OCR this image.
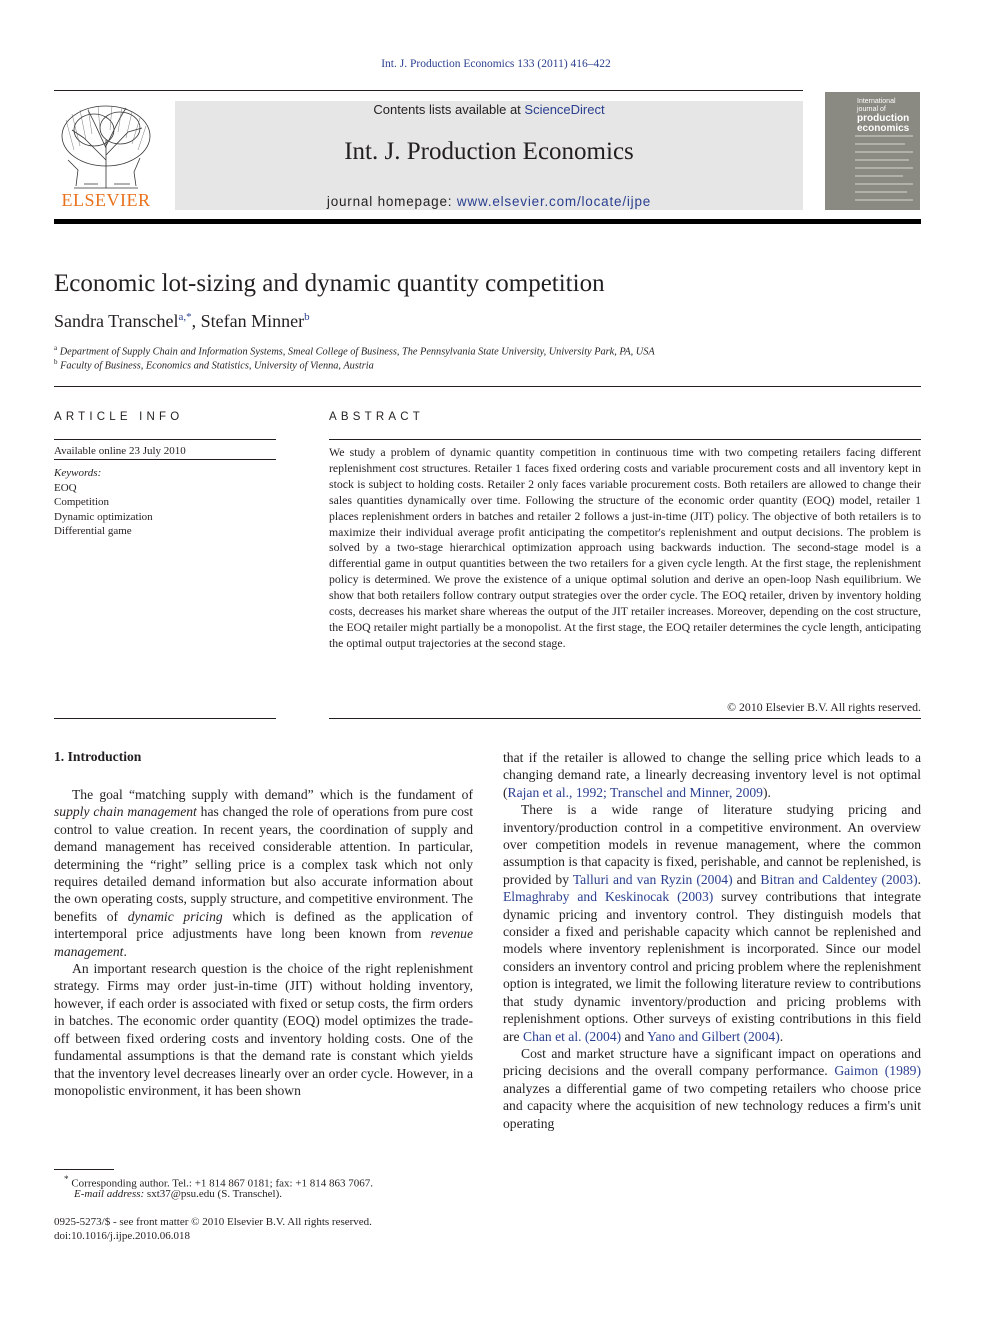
Int. J. Production Economics 133 (2011) 416–422
ELSEVIER
Contents lists available at ScienceDirect
Int. J. Production Economics
journal homepage: www.elsevier.com/locate/ijpe
International journal of
production
economics
Economic lot-sizing and dynamic quantity competition
Sandra Transchel$^{a,*}$, Stefan Minner$^b$
$^a$ Department of Supply Chain and Information Systems, Smeal College of Business, The Pennsylvania State University, University Park, PA, USA
$^b$ Faculty of Business, Economics and Statistics, University of Vienna, Austria
ARTICLE INFO
Available online 23 July 2010
Keywords:
EOQ
Competition
Dynamic optimization
Differential game
ABSTRACT
We study a problem of dynamic quantity competition in continuous time with two competing retailers facing different replenishment cost structures. Retailer 1 faces fixed ordering costs and variable procurement costs and all inventory kept in stock is subject to holding costs. Retailer 2 only faces variable procurement costs. Both retailers are allowed to change their sales quantities dynamically over time. Following the structure of the economic order quantity (EOQ) model, retailer 1 places replenishment orders in batches and retailer 2 follows a just-in-time (JIT) policy. The objective of both retailers is to maximize their individual average profit anticipating the competitor's replenishment and output decisions. The problem is solved by a two-stage hierarchical optimization approach using backwards induction. The second-stage model is a differential game in output quantities between the two retailers for a given cycle length. At the first stage, the replenishment policy is determined. We prove the existence of a unique optimal solution and derive an open-loop Nash equilibrium. We show that both retailers follow contrary output strategies over the order cycle. The EOQ retailer, driven by inventory holding costs, decreases his market share whereas the output of the JIT retailer increases. Moreover, depending on the cost structure, the EOQ retailer might partially be a monopolist. At the first stage, the EOQ retailer determines the cycle length, anticipating the optimal output trajectories at the second stage.
© 2010 Elsevier B.V. All rights reserved.
1. Introduction

The goal “matching supply with demand” which is the fundament of supply chain management has changed the role of operations from pure cost control to value creation. In recent years, the coordination of supply and demand management has received considerable attention. In particular, determining the “right” selling price is a complex task which not only requires detailed demand information but also accurate information about the own operating costs, supply structure, and competitive environment. The benefits of dynamic pricing which is defined as the application of intertemporal price adjustments have long been known from revenue management.

An important research question is the choice of the right replenishment strategy. Firms may order just-in-time (JIT) without holding inventory, however, if each order is associated with fixed or setup costs, the firm orders in batches. The economic order quantity (EOQ) model optimizes the trade-off between fixed ordering costs and inventory holding costs. One of the fundamental assumptions is that the demand rate is constant which yields that the inventory level decreases linearly over an order cycle. However, in a monopolistic environment, it has been shown

that if the retailer is allowed to change the selling price which leads to a changing demand rate, a linearly decreasing inventory level is not optimal (Rajan et al., 1992; Transchel and Minner, 2009).

There is a wide range of literature studying pricing and inventory/production control in a competitive environment. An overview over competition models in revenue management, where the common assumption is that capacity is fixed, perishable, and cannot be replenished, is provided by Talluri and van Ryzin (2004) and Bitran and Caldentey (2003). Elmaghraby and Keskinocak (2003) survey contributions that integrate dynamic pricing and inventory control. They distinguish models that consider a fixed and perishable capacity which cannot be replenished and models where inventory replenishment is incorporated. Since our model considers an inventory control and pricing problem where the replenishment option is integrated, we limit the following literature review to contributions that study dynamic inventory/production and pricing problems with replenishment options. Other surveys of existing contributions in this field are Chan et al. (2004) and Yano and Gilbert (2004).

Cost and market structure have a significant impact on operations and pricing decisions and the overall company performance. Gaimon (1989) analyzes a differential game of two competing retailers who choose price and capacity where the acquisition of new technology reduces a firm's unit operating

* Corresponding author. Tel.: +1 814 867 0181; fax: +1 814 863 7067.
E-mail address: sxt37@psu.edu (S. Transchel).
0925-5273/$ - see front matter © 2010 Elsevier B.V. All rights reserved.
doi:10.1016/j.ijpe.2010.06.018
